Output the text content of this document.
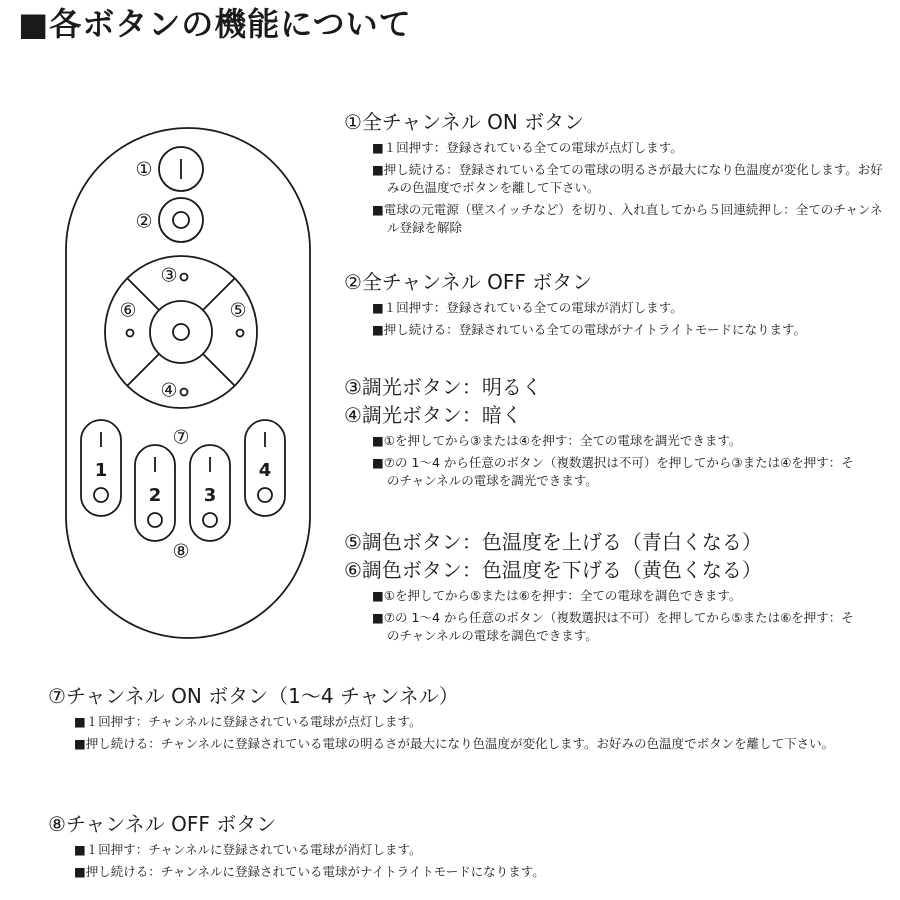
■各ボタンの機能について
①
②
③
④
⑤
⑥
⑦
⑧
1
2 3
4
①全チャンネル ON ボタン
■１回押す：登録されている全ての電球が点灯します。
■押し続ける：登録されている全ての電球の明るさが最大になり色温度が変化します。お好みの色温度でボタンを離して下さい。
■電球の元電源（壁スイッチなど）を切り、入れ直してから５回連続押し：全てのチャンネル登録を解除
②全チャンネル OFF ボタン
■１回押す：登録されている全ての電球が消灯します。
■押し続ける：登録されている全ての電球がナイトライトモードになります。
③調光ボタン：明るく
④調光ボタン：暗く
■①を押してから③または④を押す：全ての電球を調光できます。
■⑦の 1〜4 から任意のボタン（複数選択は不可）を押してから③または④を押す：そのチャンネルの電球を調光できます。
⑤調色ボタン：色温度を上げる（青白くなる）
⑥調色ボタン：色温度を下げる（黄色くなる）
■①を押してから⑤または⑥を押す：全ての電球を調色できます。
■⑦の 1〜4 から任意のボタン（複数選択は不可）を押してから⑤または⑥を押す：そのチャンネルの電球を調色できます。
⑦チャンネル ON ボタン（1〜4 チャンネル）
■１回押す：チャンネルに登録されている電球が点灯します。
■押し続ける：チャンネルに登録されている電球の明るさが最大になり色温度が変化します。お好みの色温度でボタンを離して下さい。
⑧チャンネル OFF ボタン
■１回押す：チャンネルに登録されている電球が消灯します。
■押し続ける：チャンネルに登録されている電球がナイトライトモードになります。
